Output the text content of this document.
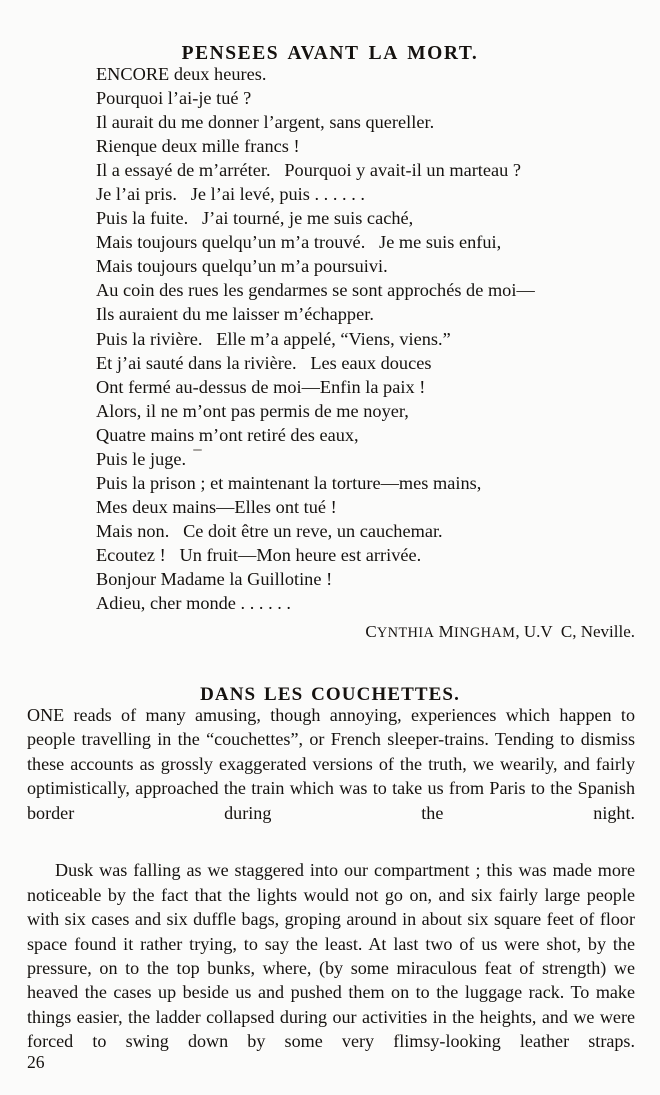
PENSEES AVANT LA MORT.
ENCORE deux heures.
Pourquoi l’ai-je tué ?
Il aurait du me donner l’argent, sans quereller.
Rienque deux mille francs !
Il a essayé de m’arréter.   Pourquoi y avait-il un marteau ?
Je l’ai pris.   Je l’ai levé, puis . . . . . .
Puis la fuite.   J’ai tourné, je me suis caché,
Mais toujours quelqu’un m’a trouvé.   Je me suis enfui,
Mais toujours quelqu’un m’a poursuivi.
Au coin des rues les gendarmes se sont approchés de moi—
Ils auraient du me laisser m’échapper.
Puis la rivière.   Elle m’a appelé, “Viens, viens.”
Et j’ai sauté dans la rivière.   Les eaux douces
Ont fermé au-dessus de moi—Enfin la paix !
Alors, il ne m’ont pas permis de me noyer,
Quatre mains m’ont retiré des eaux,
Puis le juge.
Puis la prison ; et maintenant la torture—mes mains,
Mes deux mains—Elles ont tué !
Mais non.   Ce doit être un reve, un cauchemar.
Ecoutez !   Un fruit—Mon heure est arrivée.
Bonjour Madame la Guillotine !
Adieu, cher monde . . . . . .
CYNTHIA MINGHAM, U.V  C, Neville.
DANS LES COUCHETTES.

ONE reads of many amusing, though annoying, experiences which happen to people travelling in the “couchettes”, or French sleeper-trains. Tending to dismiss these accounts as grossly exaggerated versions of the truth, we wearily, and fairly optimistically, approached the train which was to take us from Paris to the Spanish border during the night.

Dusk was falling as we staggered into our compartment ; this was made more noticeable by the fact that the lights would not go on, and six fairly large people with six cases and six duffle bags, groping around in about six square feet of floor space found it rather trying, to say the least. At last two of us were shot, by the pressure, on to the top bunks, where, (by some miraculous feat of strength) we heaved the cases up beside us and pushed them on to the luggage rack. To make things easier, the ladder collapsed during our activities in the heights, and we were forced to swing down by some very flimsy-looking leather straps.

26
